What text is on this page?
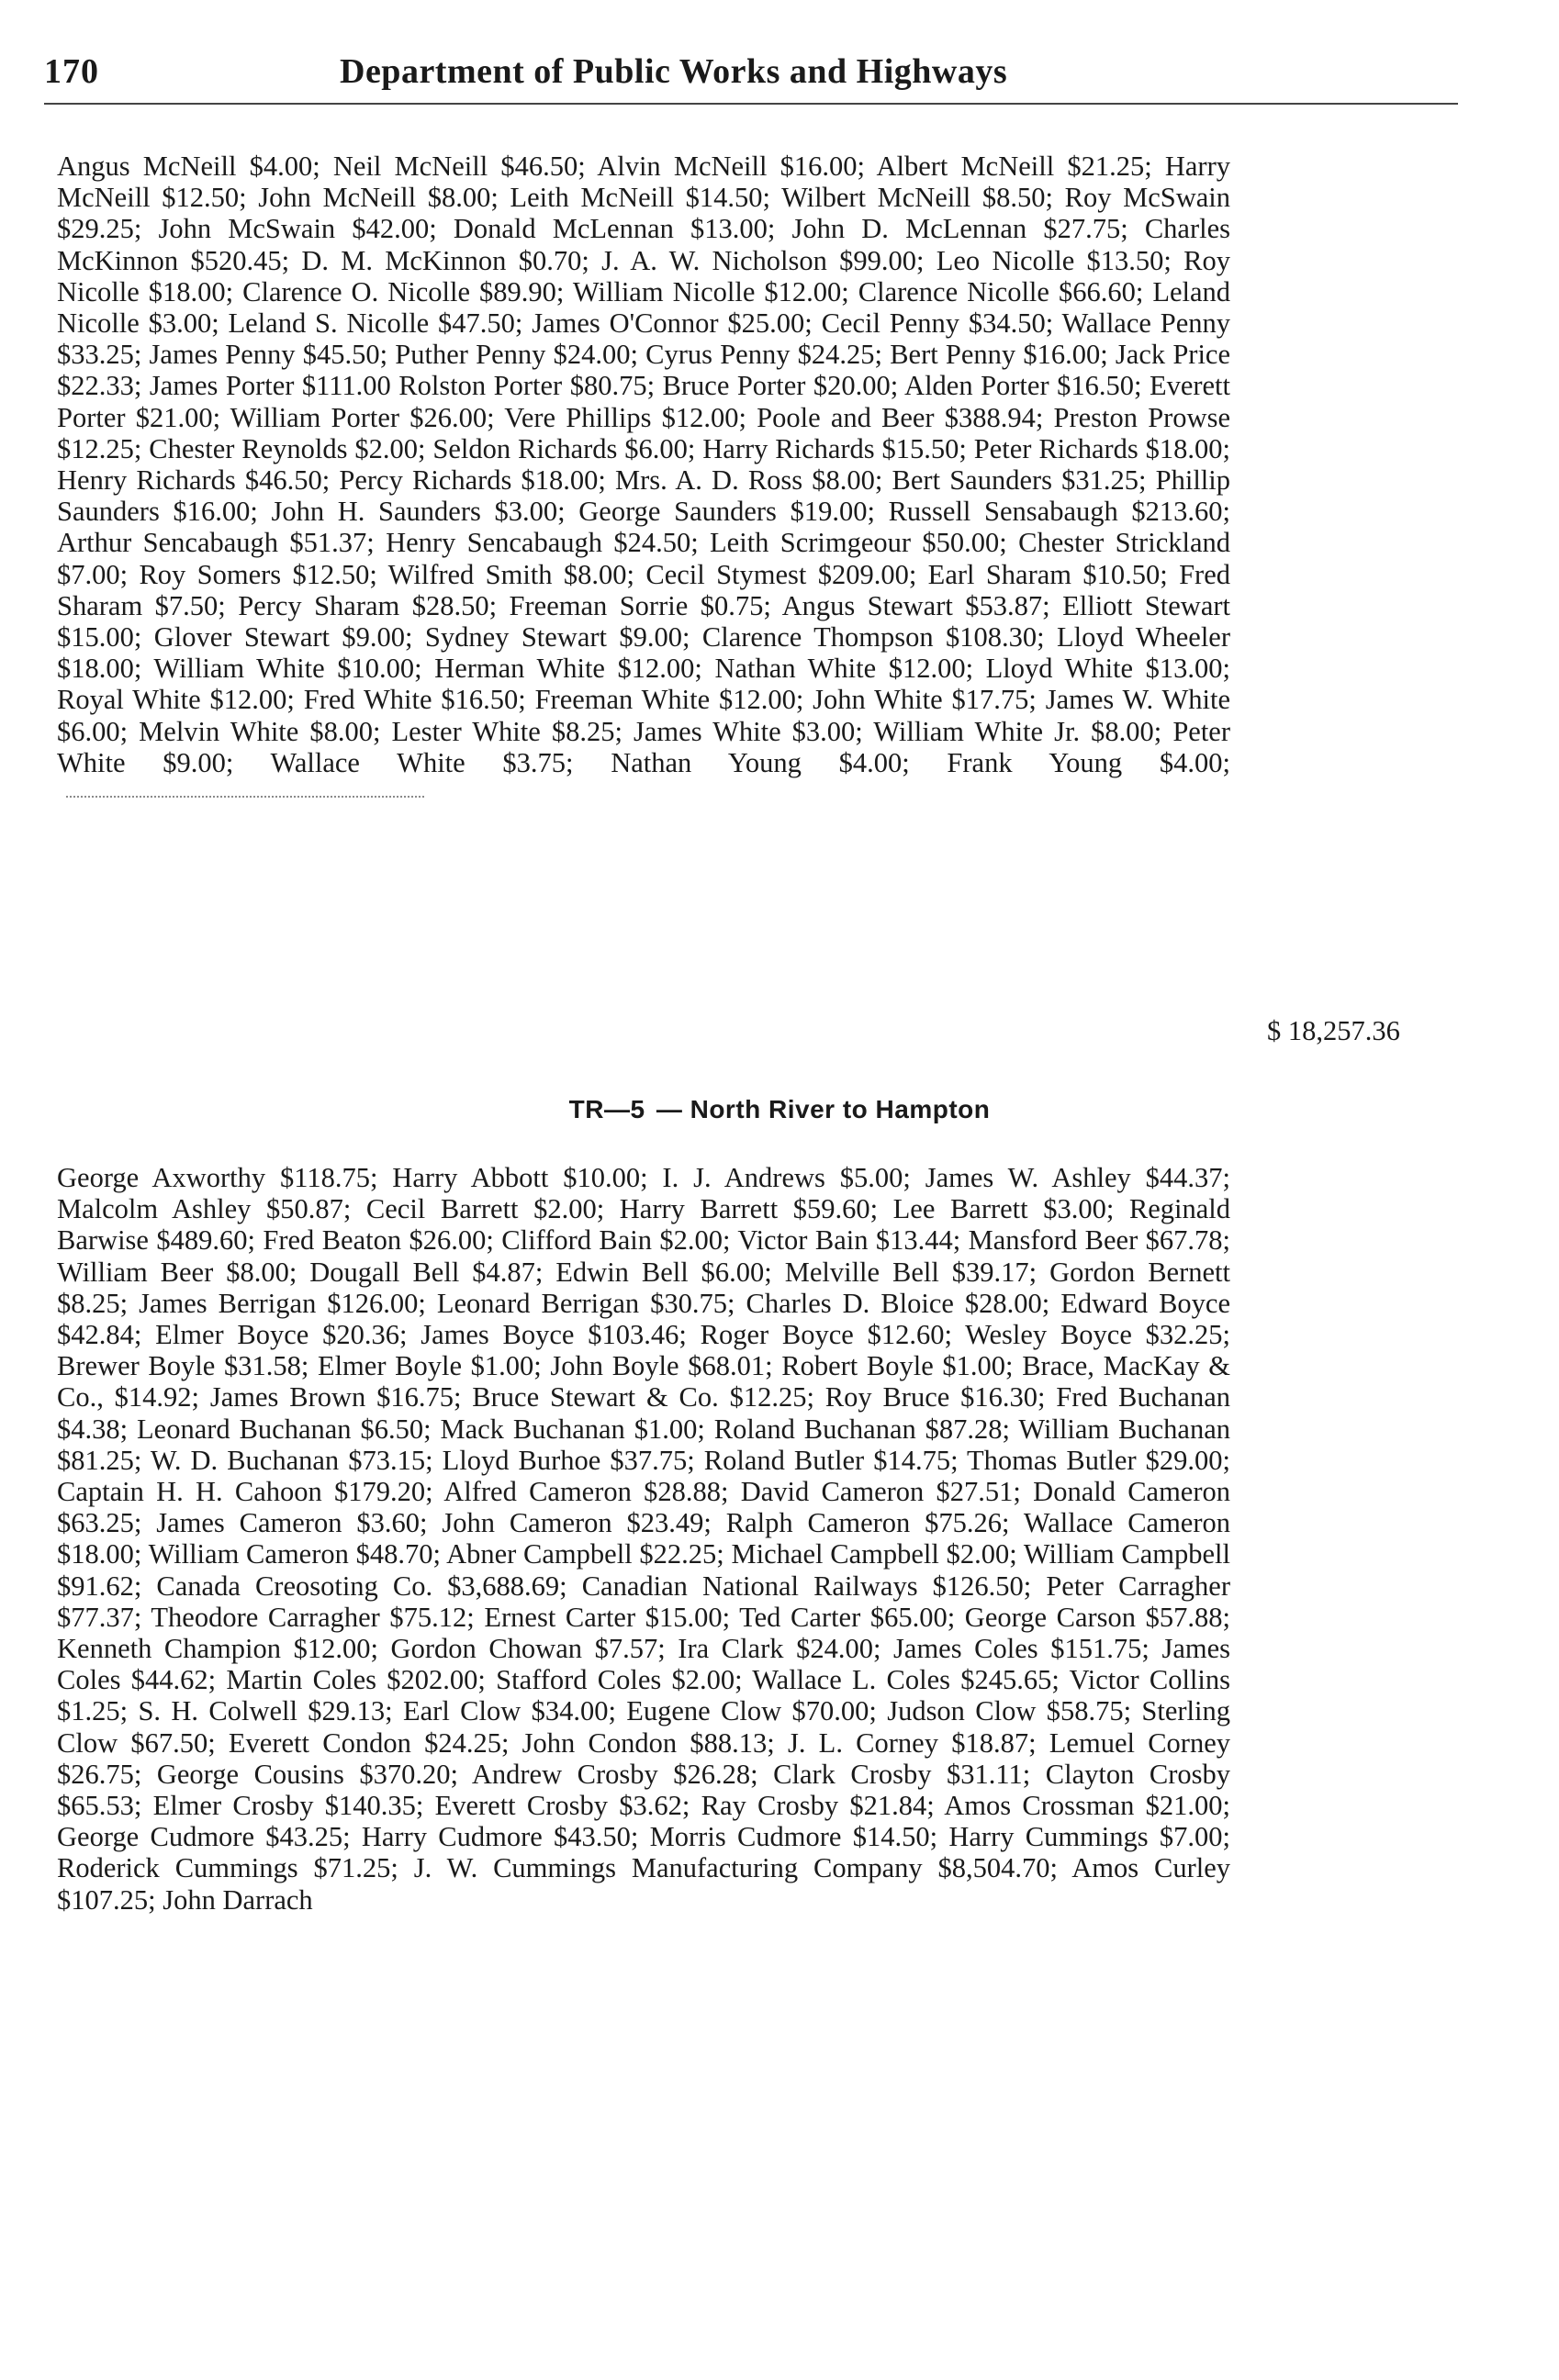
170	Department of Public Works and Highways

Angus McNeill $4.00; Neil McNeill $46.50; Alvin McNeill $16.00; Albert McNeill $21.25; Harry McNeill $12.50; John McNeill $8.00; Leith McNeill $14.50; Wilbert McNeill $8.50; Roy McSwain $29.25; John McSwain $42.00; Donald McLennan $13.00; John D. McLennan $27.75; Charles McKinnon $520.45; D. M. McKinnon $0.70; J. A. W. Nicholson $99.00; Leo Nicolle $13.50; Roy Nicolle $18.00; Clarence O. Nicolle $89.90; William Nicolle $12.00; Clarence Nicolle $66.60; Leland Nicolle $3.00; Leland S. Nicolle $47.50; James O'Connor $25.00; Cecil Penny $34.50; Wallace Penny $33.25; James Penny $45.50; Puther Penny $24.00; Cyrus Penny $24.25; Bert Penny $16.00; Jack Price $22.33; James Porter $111.00 Rolston Porter $80.75; Bruce Porter $20.00; Alden Porter $16.50; Everett Porter $21.00; William Porter $26.00; Vere Phillips $12.00; Poole and Beer $388.94; Preston Prowse $12.25; Chester Reynolds $2.00; Seldon Richards $6.00; Harry Richards $15.50; Peter Richards $18.00; Henry Richards $46.50; Percy Richards $18.00; Mrs. A. D. Ross $8.00; Bert Saunders $31.25; Phillip Saunders $16.00; John H. Saunders $3.00; George Saunders $19.00; Russell Sensabaugh $213.60; Arthur Sencabaugh $51.37; Henry Sencabaugh $24.50; Leith Scrimgeour $50.00; Chester Strickland $7.00; Roy Somers $12.50; Wilfred Smith $8.00; Cecil Stymest $209.00; Earl Sharam $10.50; Fred Sharam $7.50; Percy Sharam $28.50; Freeman Sorrie $0.75; Angus Stewart $53.87; Elliott Stewart $15.00; Glover Stewart $9.00; Sydney Stewart $9.00; Clarence Thompson $108.30; Lloyd Wheeler $18.00; William White $10.00; Herman White $12.00; Nathan White $12.00; Lloyd White $13.00; Royal White $12.00; Fred White $16.50; Freeman White $12.00; John White $17.75; James W. White $6.00; Melvin White $8.00; Lester White $8.25; James White $3.00; William White Jr. $8.00; Peter White $9.00; Wallace White $3.75; Nathan Young $4.00; Frank Young $4.00;

$ 18,257.36
TR—5 — North River to Hampton

George Axworthy $118.75; Harry Abbott $10.00; I. J. Andrews $5.00; James W. Ashley $44.37; Malcolm Ashley $50.87; Cecil Barrett $2.00; Harry Barrett $59.60; Lee Barrett $3.00; Reginald Barwise $489.60; Fred Beaton $26.00; Clifford Bain $2.00; Victor Bain $13.44; Mansford Beer $67.78; William Beer $8.00; Dougall Bell $4.87; Edwin Bell $6.00; Melville Bell $39.17; Gordon Bernett $8.25; James Berrigan $126.00; Leonard Berrigan $30.75; Charles D. Bloice $28.00; Edward Boyce $42.84; Elmer Boyce $20.36; James Boyce $103.46; Roger Boyce $12.60; Wesley Boyce $32.25; Brewer Boyle $31.58; Elmer Boyle $1.00; John Boyle $68.01; Robert Boyle $1.00; Brace, MacKay & Co., $14.92; James Brown $16.75; Bruce Stewart & Co. $12.25; Roy Bruce $16.30; Fred Buchanan $4.38; Leonard Buchanan $6.50; Mack Buchanan $1.00; Roland Buchanan $87.28; William Buchanan $81.25; W. D. Buchanan $73.15; Lloyd Burhoe $37.75; Roland Butler $14.75; Thomas Butler $29.00; Captain H. H. Cahoon $179.20; Alfred Cameron $28.88; David Cameron $27.51; Donald Cameron $63.25; James Cameron $3.60; John Cameron $23.49; Ralph Cameron $75.26; Wallace Cameron $18.00; William Cameron $48.70; Abner Campbell $22.25; Michael Campbell $2.00; William Campbell $91.62; Canada Creosoting Co. $3,688.69; Canadian National Railways $126.50; Peter Carragher $77.37; Theodore Carragher $75.12; Ernest Carter $15.00; Ted Carter $65.00; George Carson $57.88; Kenneth Champion $12.00; Gordon Chowan $7.57; Ira Clark $24.00; James Coles $151.75; James Coles $44.62; Martin Coles $202.00; Stafford Coles $2.00; Wallace L. Coles $245.65; Victor Collins $1.25; S. H. Colwell $29.13; Earl Clow $34.00; Eugene Clow $70.00; Judson Clow $58.75; Sterling Clow $67.50; Everett Condon $24.25; John Condon $88.13; J. L. Corney $18.87; Lemuel Corney $26.75; George Cousins $370.20; Andrew Crosby $26.28; Clark Crosby $31.11; Clayton Crosby $65.53; Elmer Crosby $140.35; Everett Crosby $3.62; Ray Crosby $21.84; Amos Crossman $21.00; George Cudmore $43.25; Harry Cudmore $43.50; Morris Cudmore $14.50; Harry Cummings $7.00; Roderick Cummings $71.25; J. W. Cummings Manufacturing Company $8,504.70; Amos Curley $107.25; John Darrach
